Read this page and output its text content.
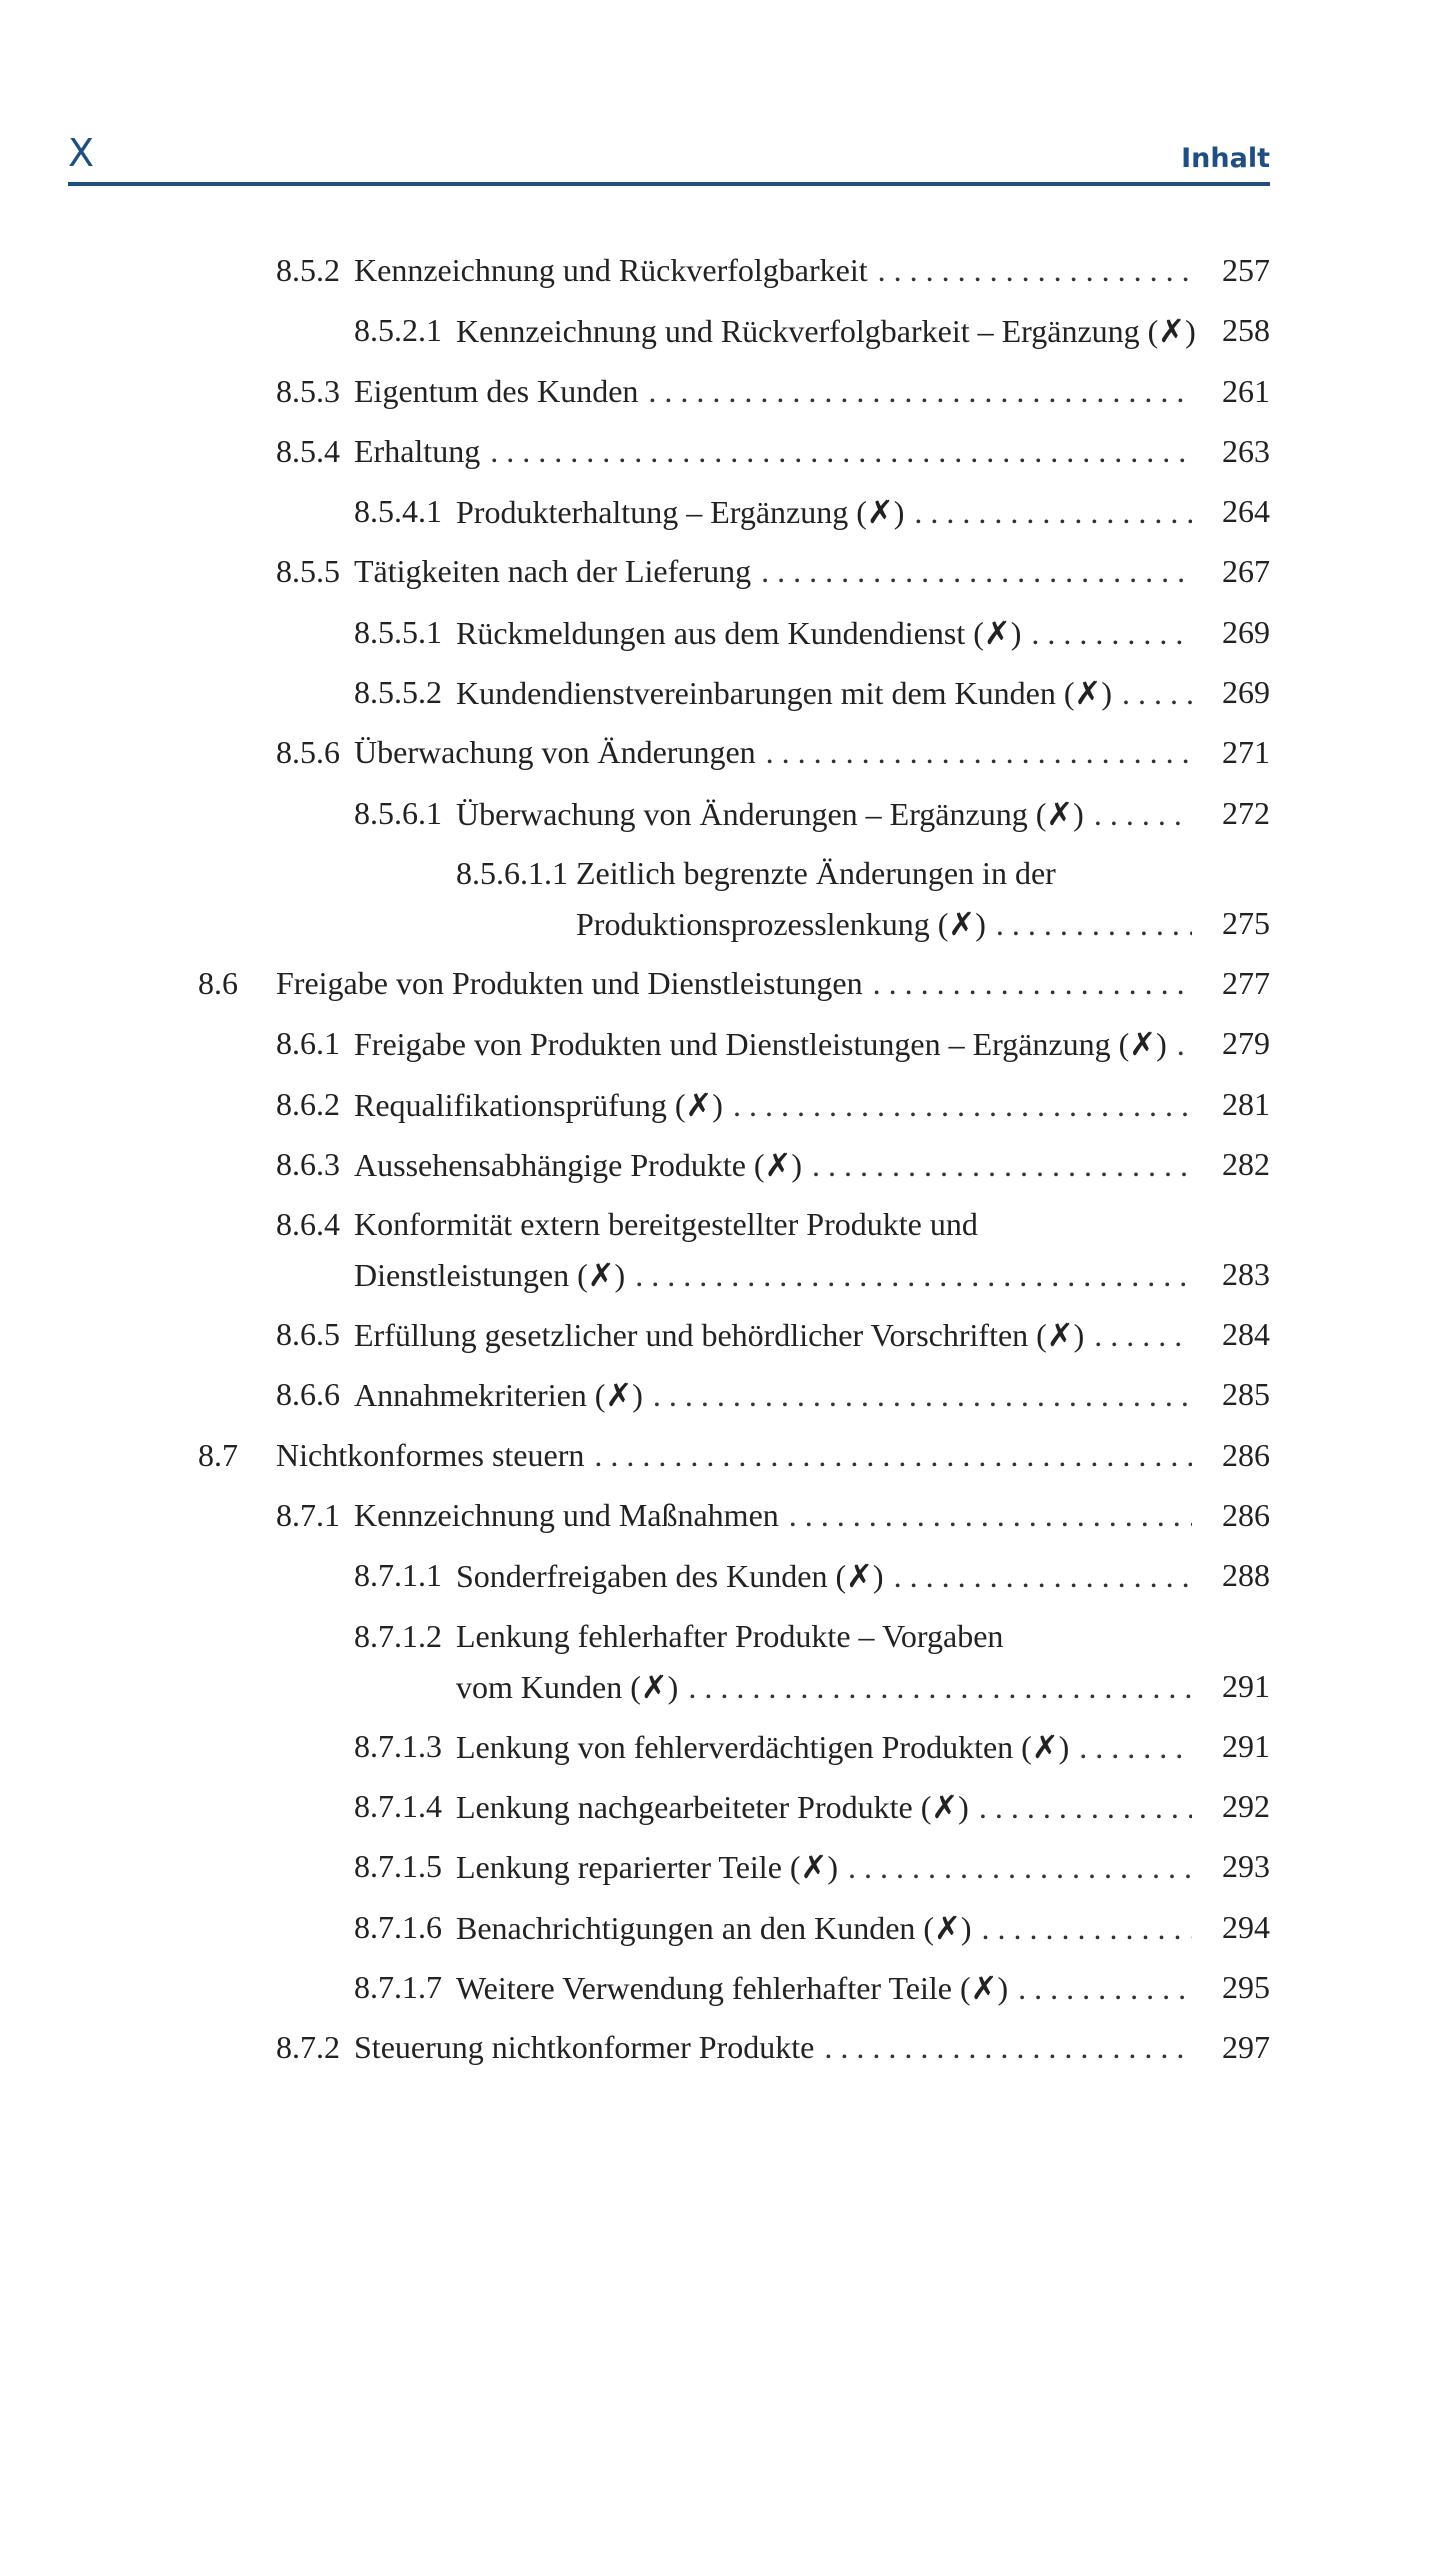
X	Inhalt
8.5.2 Kennzeichnung und Rückverfolgbarkeit . . .	257
8.5.2.1 Kennzeichnung und Rückverfolgbarkeit – Ergänzung (✗) 258
8.5.3 Eigentum des Kunden . . .	261
8.5.4 Erhaltung . . .	263
8.5.4.1 Produkterhaltung – Ergänzung (✗) . . .	264
8.5.5 Tätigkeiten nach der Lieferung . . .	267
8.5.5.1 Rückmeldungen aus dem Kundendienst (✗) . . .	269
8.5.5.2 Kundendienstvereinbarungen mit dem Kunden (✗) . . .	269
8.5.6 Überwachung von Änderungen . . .	271
8.5.6.1 Überwachung von Änderungen – Ergänzung (✗) . . .	272
8.5.6.1.1 Zeitlich begrenzte Änderungen in der
Produktionsprozesslenkung (✗) . . .	275
8.6 Freigabe von Produkten und Dienstleistungen . . .	277
8.6.1 Freigabe von Produkten und Dienstleistungen – Ergänzung (✗) . . .	279
8.6.2 Requalifikationsprüfung (✗) . . .	281
8.6.3 Aussehensabhängige Produkte (✗) . . .	282
8.6.4 Konformität extern bereitgestellter Produkte und
Dienstleistungen (✗) . . .	283
8.6.5 Erfüllung gesetzlicher und behördlicher Vorschriften (✗) . . .	284
8.6.6 Annahmekriterien (✗) . . .	285
8.7 Nichtkonformes steuern . . .	286
8.7.1 Kennzeichnung und Maßnahmen . . .	286
8.7.1.1 Sonderfreigaben des Kunden (✗) . . .	288
8.7.1.2 Lenkung fehlerhafter Produkte – Vorgaben
vom Kunden (✗) . . .	291
8.7.1.3 Lenkung von fehlerverdächtigen Produkten (✗) . . .	291
8.7.1.4 Lenkung nachgearbeiteter Produkte (✗) . . .	292
8.7.1.5 Lenkung reparierter Teile (✗) . . .	293
8.7.1.6 Benachrichtigungen an den Kunden (✗) . . .	294
8.7.1.7 Weitere Verwendung fehlerhafter Teile (✗) . . .	295
8.7.2 Steuerung nichtkonformer Produkte . . .	297
